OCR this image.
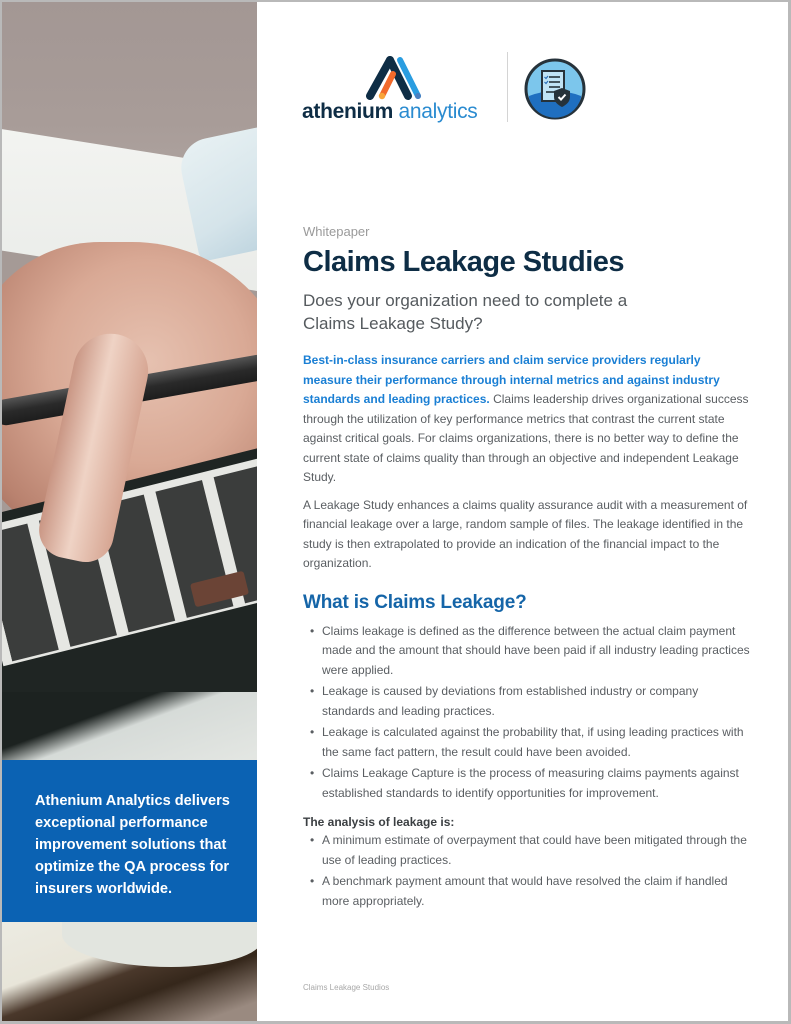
Athenium Analytics delivers exceptional performance improvement solutions that optimize the QA process for insurers worldwide.

athenium analytics
Whitepaper
Claims Leakage Studies
Does your organization need to complete a
Claims Leakage Study?

Best-in-class insurance carriers and claim service providers regularly measure their performance through internal metrics and against industry standards and leading practices. Claims leadership drives organizational success through the utilization of key performance metrics that contrast the current state against critical goals. For claims organizations, there is no better way to define the current state of claims quality than through an objective and independent Leakage Study.

A Leakage Study enhances a claims quality assurance audit with a measurement of financial leakage over a large, random sample of files. The leakage identified in the study is then extrapolated to provide an indication of the financial impact to the organization.

What is Claims Leakage?
• Claims leakage is defined as the difference between the actual claim payment made and the amount that should have been paid if all industry leading practices were applied.
• Leakage is caused by deviations from established industry or company standards and leading practices.
• Leakage is calculated against the probability that, if using leading practices with the same fact pattern, the result could have been avoided.
• Claims Leakage Capture is the process of measuring claims payments against established standards to identify opportunities for improvement.
The analysis of leakage is:
• A minimum estimate of overpayment that could have been mitigated through the use of leading practices.
• A benchmark payment amount that would have resolved the claim if handled more appropriately.
Claims Leakage Studios
